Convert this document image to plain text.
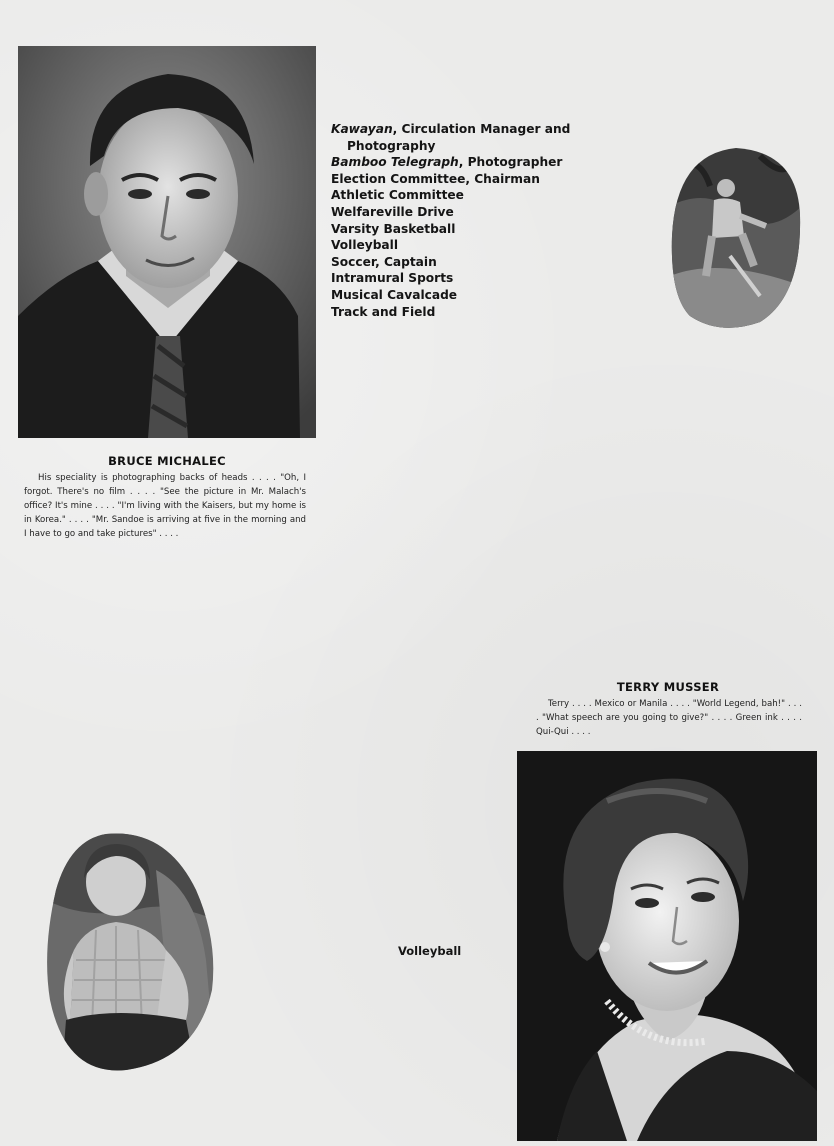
Kawayan, Circulation Manager and
Photography
Bamboo Telegraph, Photographer
Election Committee, Chairman
Athletic Committee
Welfareville Drive
Varsity Basketball
Volleyball
Soccer, Captain
Intramural Sports
Musical Cavalcade
Track and Field
BRUCE MICHALEC
His speciality is photographing backs of heads . . . . "Oh, I forgot. There's no film . . . . "See the picture in Mr. Malach's office? It's mine . . . . "I'm living with the Kaisers, but my home is in Korea." . . . . "Mr. Sandoe is arriving at five in the morning and I have to go and take pictures" . . . .
TERRY MUSSER
Terry . . . . Mexico or Manila . . . . "World Legend, bah!" . . . . "What speech are you going to give?" . . . . Green ink . . . . Qui-Qui . . . .
Volleyball
